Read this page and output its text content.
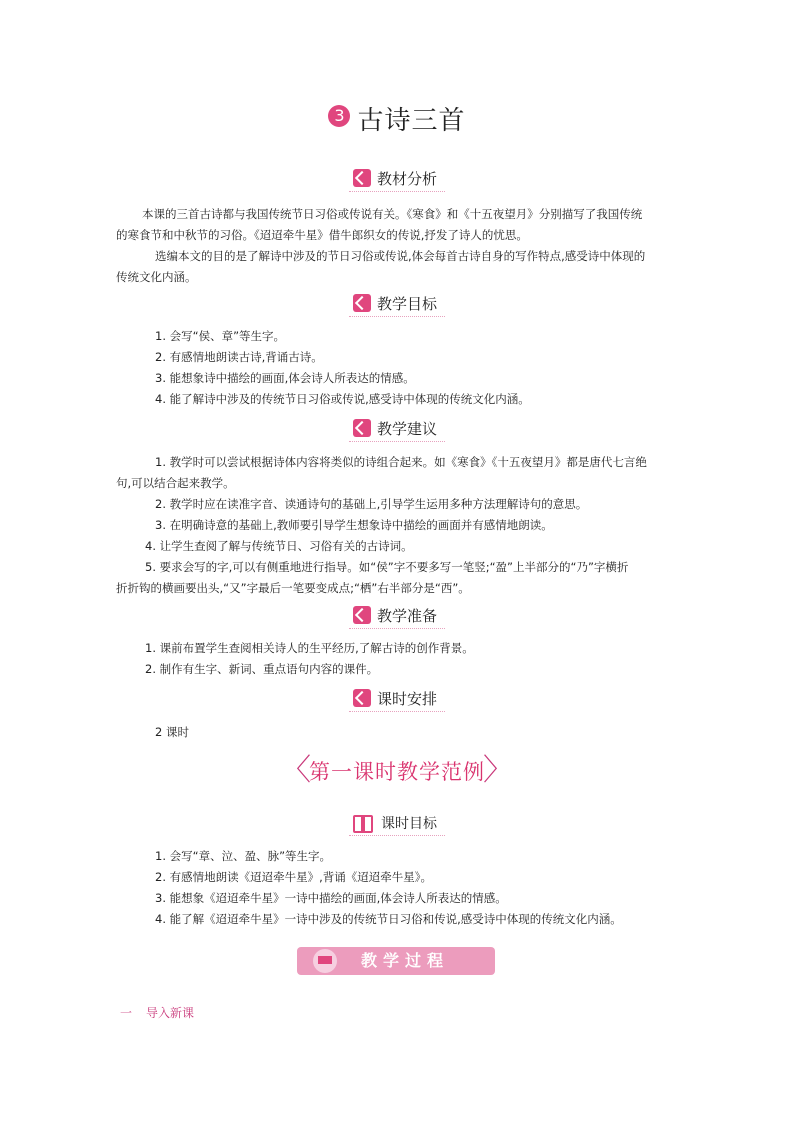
3 古诗三首
教材分析
本课的三首古诗都与我国传统节日习俗或传说有关。《寒食》和《十五夜望月》分别描写了我国传统
的寒食节和中秋节的习俗。《迢迢牵牛星》借牛郎织女的传说,抒发了诗人的忧思。
选编本文的目的是了解诗中涉及的节日习俗或传说,体会每首古诗自身的写作特点,感受诗中体现的
传统文化内涵。
教学目标
1. 会写“侯、章”等生字。
2. 有感情地朗读古诗,背诵古诗。
3. 能想象诗中描绘的画面,体会诗人所表达的情感。
4. 能了解诗中涉及的传统节日习俗或传说,感受诗中体现的传统文化内涵。
教学建议
1. 教学时可以尝试根据诗体内容将类似的诗组合起来。如《寒食》《十五夜望月》都是唐代七言绝
句,可以结合起来教学。
2. 教学时应在读准字音、读通诗句的基础上,引导学生运用多种方法理解诗句的意思。
3. 在明确诗意的基础上,教师要引导学生想象诗中描绘的画面并有感情地朗读。
4. 让学生查阅了解与传统节日、习俗有关的古诗词。
5. 要求会写的字,可以有侧重地进行指导。如“侯”字不要多写一笔竖;“盈”上半部分的“乃”字横折
折折钩的横画要出头,“又”字最后一笔要变成点;“栖”右半部分是“西”。
教学准备
1. 课前布置学生查阅相关诗人的生平经历,了解古诗的创作背景。
2. 制作有生字、新词、重点语句内容的课件。
课时安排
2 课时
〈
第一课时教学范例
〉
课时目标
1. 会写“章、泣、盈、脉”等生字。
2. 有感情地朗读《迢迢牵牛星》,背诵《迢迢牵牛星》。
3. 能想象《迢迢牵牛星》一诗中描绘的画面,体会诗人所表达的情感。
4. 能了解《迢迢牵牛星》一诗中涉及的传统节日习俗和传说,感受诗中体现的传统文化内涵。
教学过程
一 导入新课
